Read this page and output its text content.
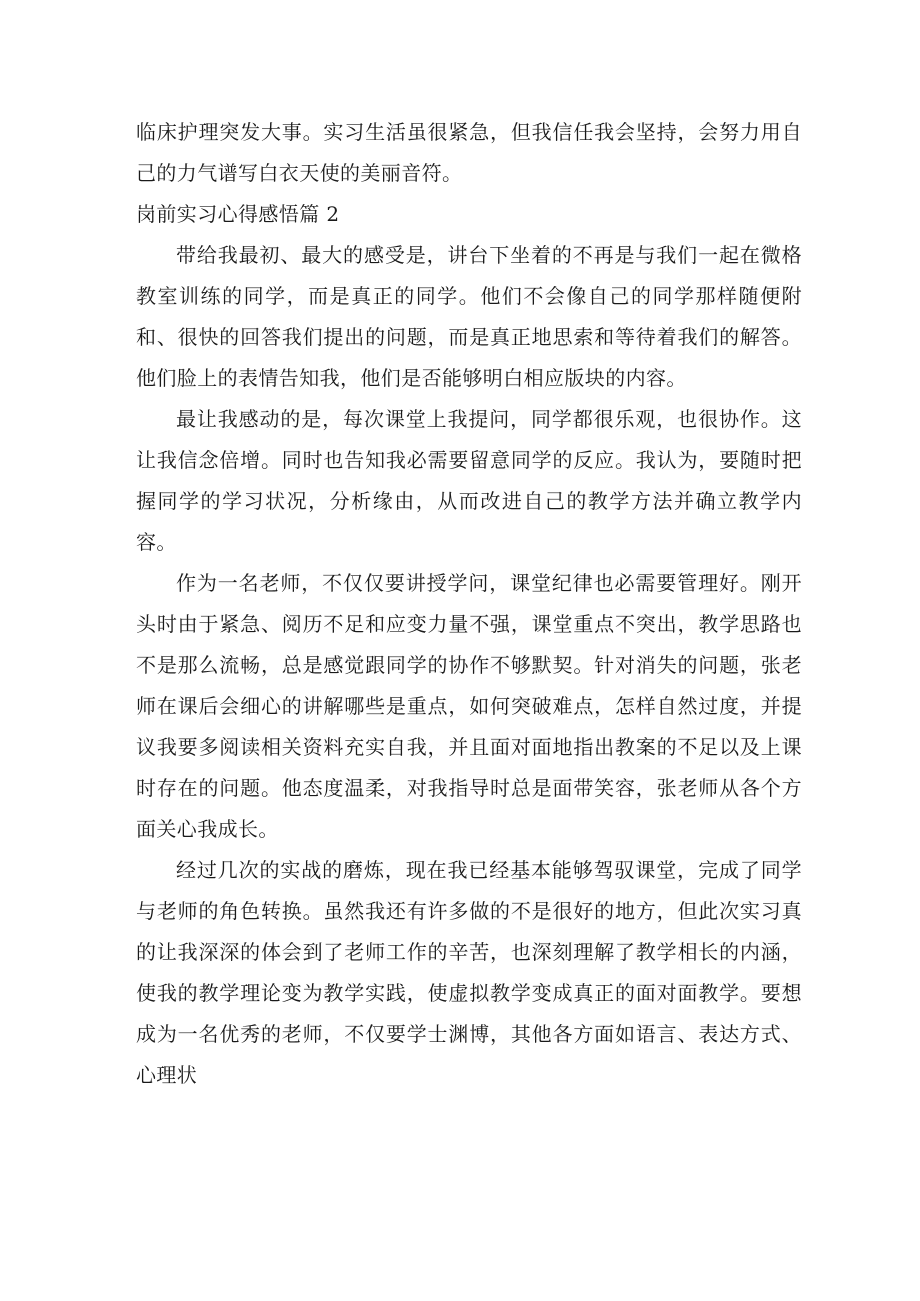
临床护理突发大事。实习生活虽很紧急，但我信任我会坚持，会努力用自己的力气谱写白衣天使的美丽音符。

岗前实习心得感悟篇 2

带给我最初、最大的感受是，讲台下坐着的不再是与我们一起在微格教室训练的同学，而是真正的同学。他们不会像自己的同学那样随便附和、很快的回答我们提出的问题，而是真正地思索和等待着我们的解答。他们脸上的表情告知我，他们是否能够明白相应版块的内容。

最让我感动的是，每次课堂上我提问，同学都很乐观，也很协作。这让我信念倍增。同时也告知我必需要留意同学的反应。我认为，要随时把握同学的学习状况，分析缘由，从而改进自己的教学方法并确立教学内容。

作为一名老师，不仅仅要讲授学问，课堂纪律也必需要管理好。刚开头时由于紧急、阅历不足和应变力量不强，课堂重点不突出，教学思路也不是那么流畅，总是感觉跟同学的协作不够默契。针对消失的问题，张老师在课后会细心的讲解哪些是重点，如何突破难点，怎样自然过度，并提议我要多阅读相关资料充实自我，并且面对面地指出教案的不足以及上课时存在的问题。他态度温柔，对我指导时总是面带笑容，张老师从各个方面关心我成长。

经过几次的实战的磨炼，现在我已经基本能够驾驭课堂，完成了同学与老师的角色转换。虽然我还有许多做的不是很好的地方，但此次实习真的让我深深的体会到了老师工作的辛苦，也深刻理解了教学相长的内涵，使我的教学理论变为教学实践，使虚拟教学变成真正的面对面教学。要想成为一名优秀的老师，不仅要学士渊博，其他各方面如语言、表达方式、心理状
